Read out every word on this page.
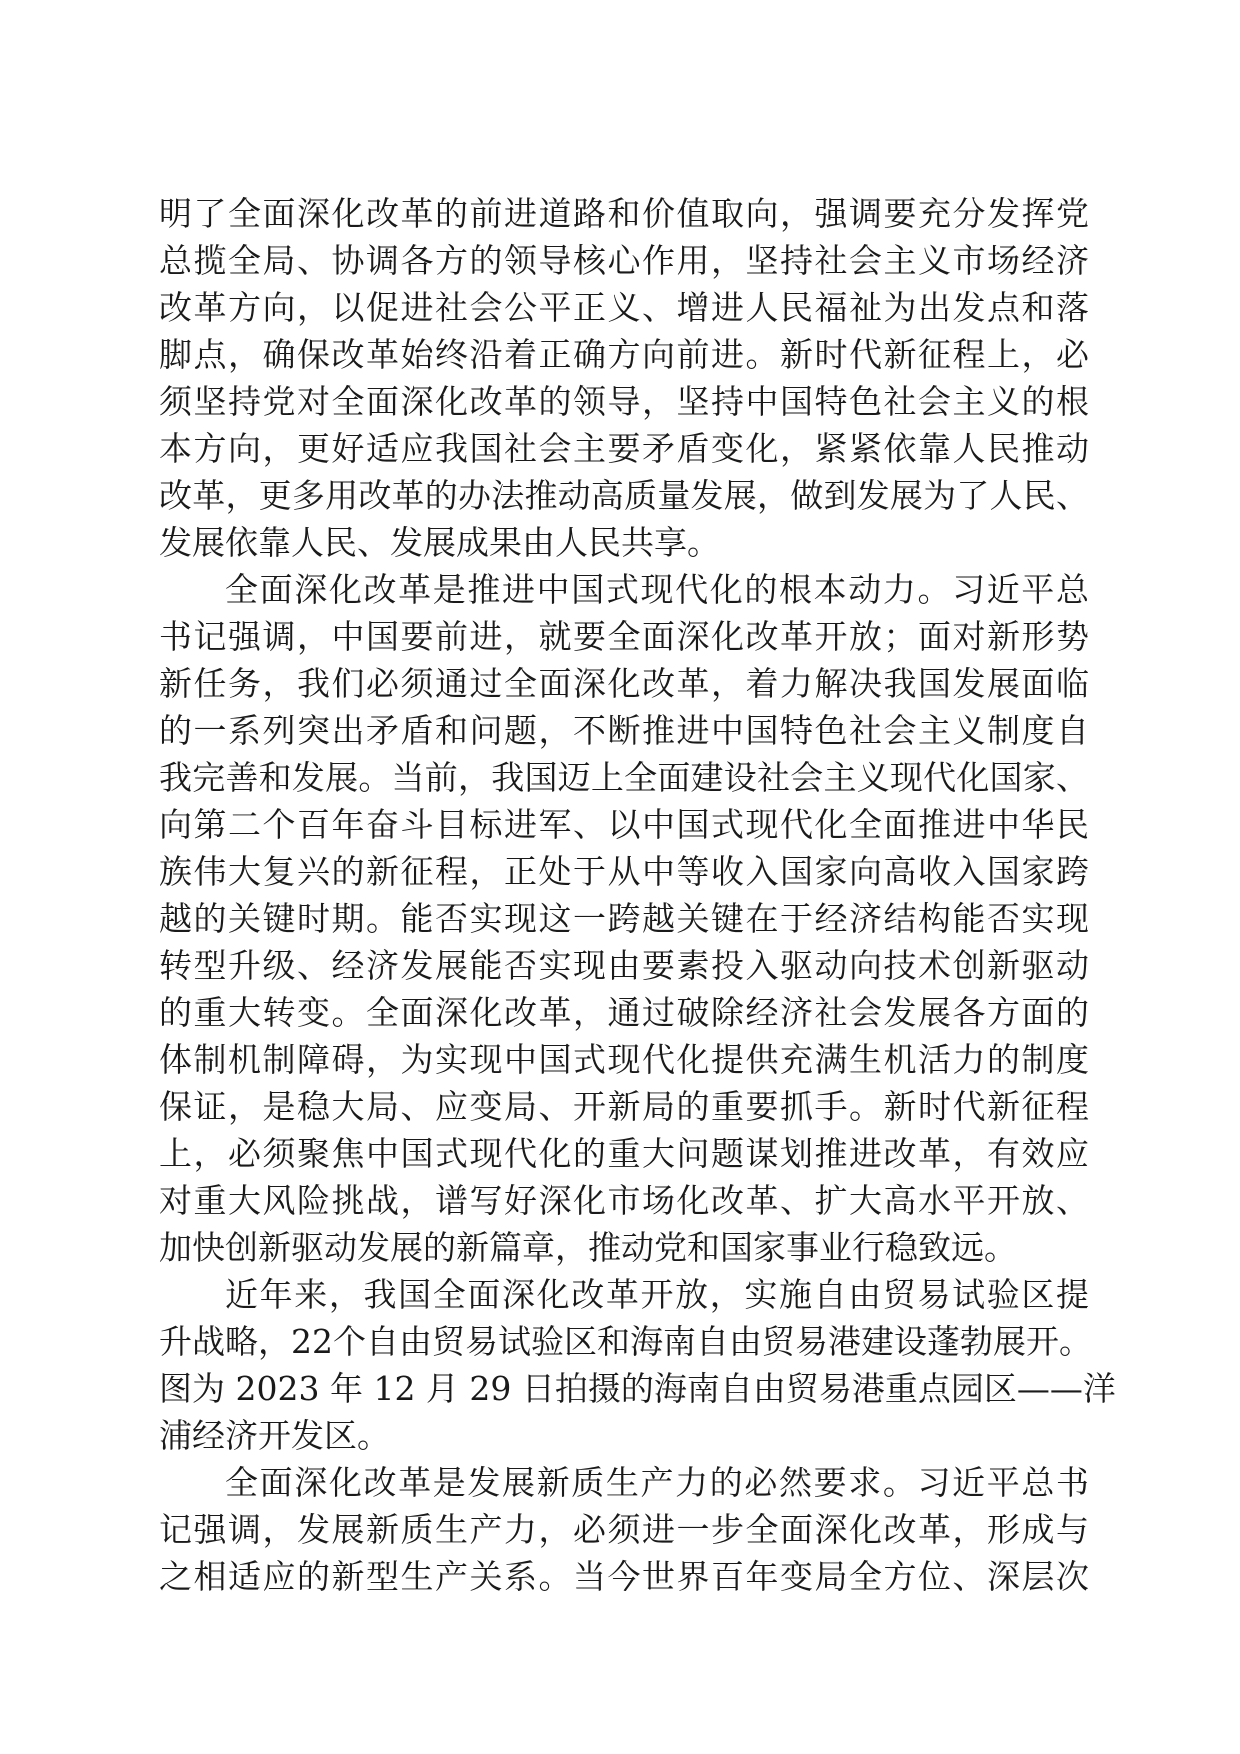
明了全面深化改革的前进道路和价值取向，强调要充分发挥党
总揽全局、协调各方的领导核心作用，坚持社会主义市场经济
改革方向，以促进社会公平正义、增进人民福祉为出发点和落
脚点，确保改革始终沿着正确方向前进。新时代新征程上，必
须坚持党对全面深化改革的领导，坚持中国特色社会主义的根
本方向，更好适应我国社会主要矛盾变化，紧紧依靠人民推动
改革，更多用改革的办法推动高质量发展，做到发展为了人民、
发展依靠人民、发展成果由人民共享。
全面深化改革是推进中国式现代化的根本动力。习近平总
书记强调，中国要前进，就要全面深化改革开放；面对新形势
新任务，我们必须通过全面深化改革，着力解决我国发展面临
的一系列突出矛盾和问题，不断推进中国特色社会主义制度自
我完善和发展。当前，我国迈上全面建设社会主义现代化国家、
向第二个百年奋斗目标进军、以中国式现代化全面推进中华民
族伟大复兴的新征程，正处于从中等收入国家向高收入国家跨
越的关键时期。能否实现这一跨越关键在于经济结构能否实现
转型升级、经济发展能否实现由要素投入驱动向技术创新驱动
的重大转变。全面深化改革，通过破除经济社会发展各方面的
体制机制障碍，为实现中国式现代化提供充满生机活力的制度
保证，是稳大局、应变局、开新局的重要抓手。新时代新征程
上，必须聚焦中国式现代化的重大问题谋划推进改革，有效应
对重大风险挑战，谱写好深化市场化改革、扩大高水平开放、
加快创新驱动发展的新篇章，推动党和国家事业行稳致远。
近年来，我国全面深化改革开放，实施自由贸易试验区提
升战略，22个自由贸易试验区和海南自由贸易港建设蓬勃展开。
图为 2023 年 12 月 29 日拍摄的海南自由贸易港重点园区——洋
浦经济开发区。
全面深化改革是发展新质生产力的必然要求。习近平总书
记强调，发展新质生产力，必须进一步全面深化改革，形成与
之相适应的新型生产关系。当今世界百年变局全方位、深层次
